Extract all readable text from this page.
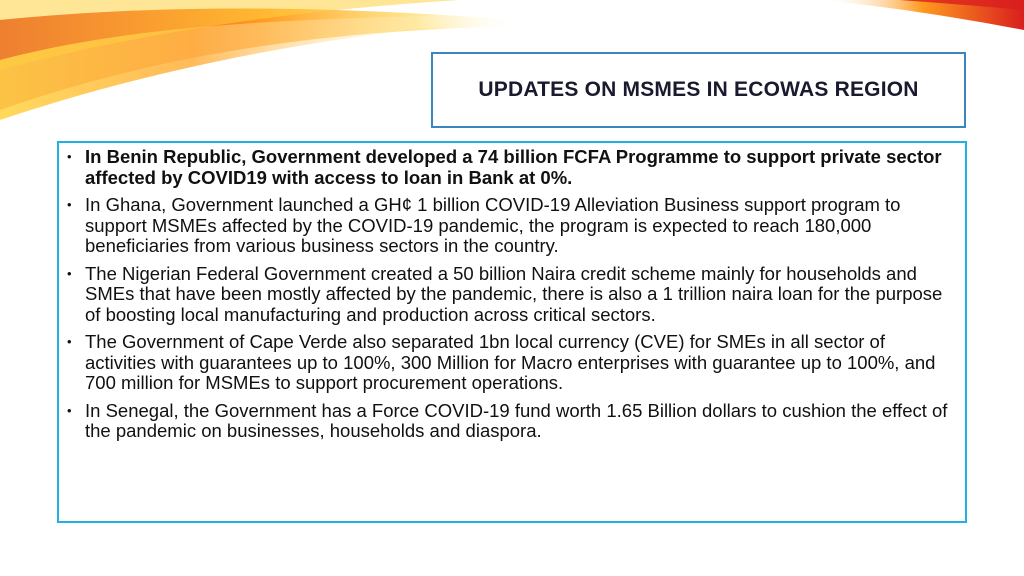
UPDATES ON MSMES IN ECOWAS REGION
• In Benin Republic, Government developed a 74 billion FCFA Programme to support private sector affected by COVID19 with access to loan in Bank at 0%.
• In Ghana, Government launched a GH¢ 1 billion COVID-19 Alleviation Business support program to support MSMEs affected by the COVID-19 pandemic, the program is expected to reach 180,000 beneficiaries from various business sectors in the country.
• The Nigerian Federal Government created a 50 billion Naira credit scheme mainly for households and SMEs that have been mostly affected by the pandemic, there is also a 1 trillion naira loan for the purpose of boosting local manufacturing and production across critical sectors.
• The Government of Cape Verde also separated 1bn local currency (CVE) for SMEs in all sector of activities with guarantees up to 100%, 300 Million for Macro enterprises with guarantee up to 100%, and 700 million for MSMEs to support procurement operations.
• In Senegal, the Government has a Force COVID-19 fund worth 1.65 Billion dollars to cushion the effect of the pandemic on businesses, households and diaspora.
